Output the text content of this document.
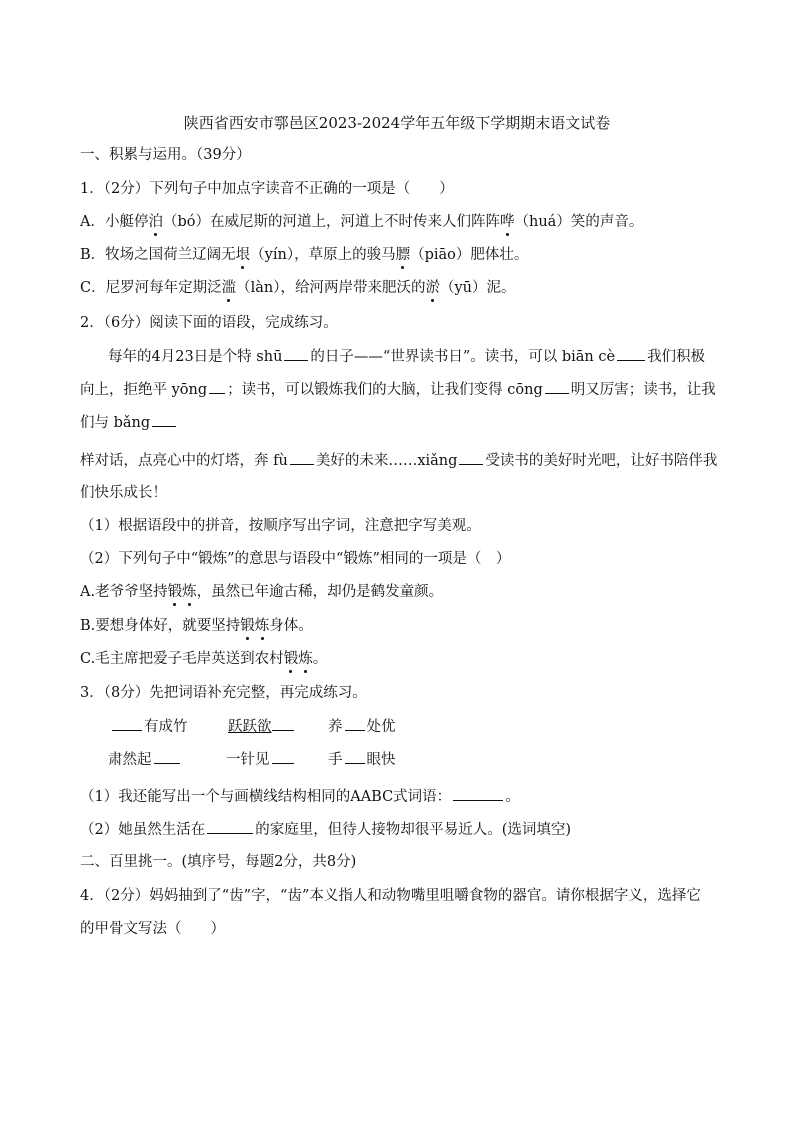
陕西省西安市鄠邑区2023-2024学年五年级下学期期末语文试卷
一、积累与运用。（39分）
1．（2分）下列句子中加点字读音不正确的一项是（　　）
A．小艇停泊（bó）在威尼斯的河道上，河道上不时传来人们阵阵哗（huá）笑的声音。
B．牧场之国荷兰辽阔无垠（yín），草原上的骏马膘（piāo）肥体壮。
C．尼罗河每年定期泛滥（làn），给河两岸带来肥沃的淤（yū）泥。
2．（6分）阅读下面的语段，完成练习。
每年的4月23日是个特 shū 的日子——“世界读书日”。读书，可以 biān cè 我们积极
向上，拒绝平 yōng ；读书，可以锻炼我们的大脑，让我们变得 cōng 明又厉害；读书，让我
们与 bǎng
样对话，点亮心中的灯塔，奔 fù 美好的未来……xiǎng 受读书的美好时光吧，让好书陪伴我
们快乐成长！
（1）根据语段中的拼音，按顺序写出字词，注意把字写美观。
（2）下列句子中“锻炼”的意思与语段中“锻炼”相同的一项是（　）
A.老爷爷坚持锻炼，虽然已年逾古稀，却仍是鹤发童颜。
B.要想身体好，就要坚持锻炼身体。
C.毛主席把爱子毛岸英送到农村锻炼。
3．（8分）先把词语补充完整，再完成练习。
有成竹	跃跃欲	养 处优
肃然起	一针见	手 眼快
（1）我还能写出一个与画横线结构相同的AABC式词语：	。
（2）她虽然生活在	的家庭里，但待人接物却很平易近人。(选词填空)
二、百里挑一。(填序号，每题2分，共8分)
4．（2分）妈妈抽到了“齿”字，“齿”本义指人和动物嘴里咀嚼食物的器官。请你根据字义，选择它
的甲骨文写法（　　）
